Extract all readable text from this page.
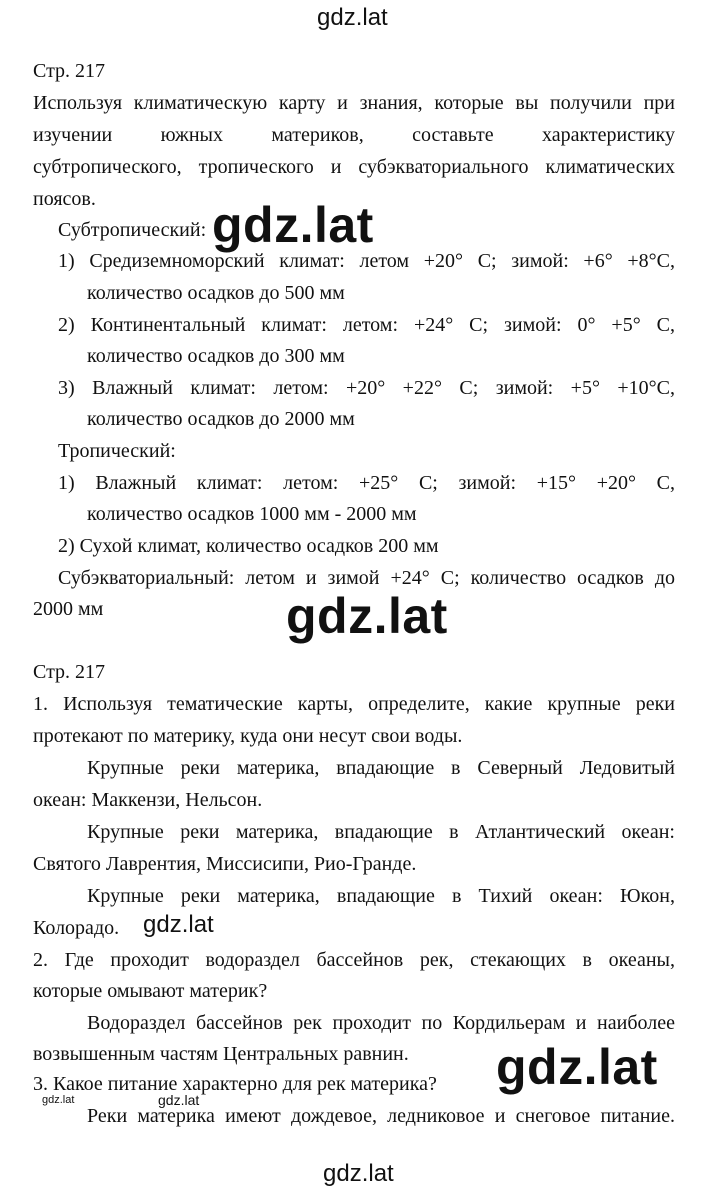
gdz.lat
gdz.lat
gdz.lat
gdz.lat
gdz.lat
gdz.lat	gdz.lat
gdz.lat
Стр. 217
Используя климатическую карту и знания, которые вы получили при
изучении южных материков, составьте характеристику
субтропического, тропического и субэкваториального климатических
поясов.
Субтропический:
1) Средиземноморский климат: летом +20° С; зимой: +6° +8°С,
количество осадков до 500 мм
2) Континентальный климат: летом: +24° С; зимой: 0° +5° С,
количество осадков до 300 мм
3) Влажный климат: летом: +20° +22° С; зимой: +5° +10°С,
количество осадков до 2000 мм
Тропический:
1) Влажный климат: летом: +25° С; зимой: +15° +20° С,
количество осадков 1000 мм - 2000 мм
2) Сухой климат, количество осадков 200 мм
Субэкваториальный: летом и зимой +24° С; количество осадков до
2000 мм
Стр. 217
1. Используя тематические карты, определите, какие крупные реки
протекают по материку, куда они несут свои воды.
Крупные реки материка, впадающие в Северный Ледовитый
океан: Маккензи, Нельсон.
Крупные реки материка, впадающие в Атлантический океан:
Святого Лаврентия, Миссисипи, Рио-Гранде.
Крупные реки материка, впадающие в Тихий океан: Юкон,
Колорадо.
2. Где проходит водораздел бассейнов рек, стекающих в океаны,
которые омывают материк?
Водораздел бассейнов рек проходит по Кордильерам и наиболее
возвышенным частям Центральных равнин.
3. Какое питание характерно для рек материка?
Реки материка имеют дождевое, ледниковое и снеговое питание.
